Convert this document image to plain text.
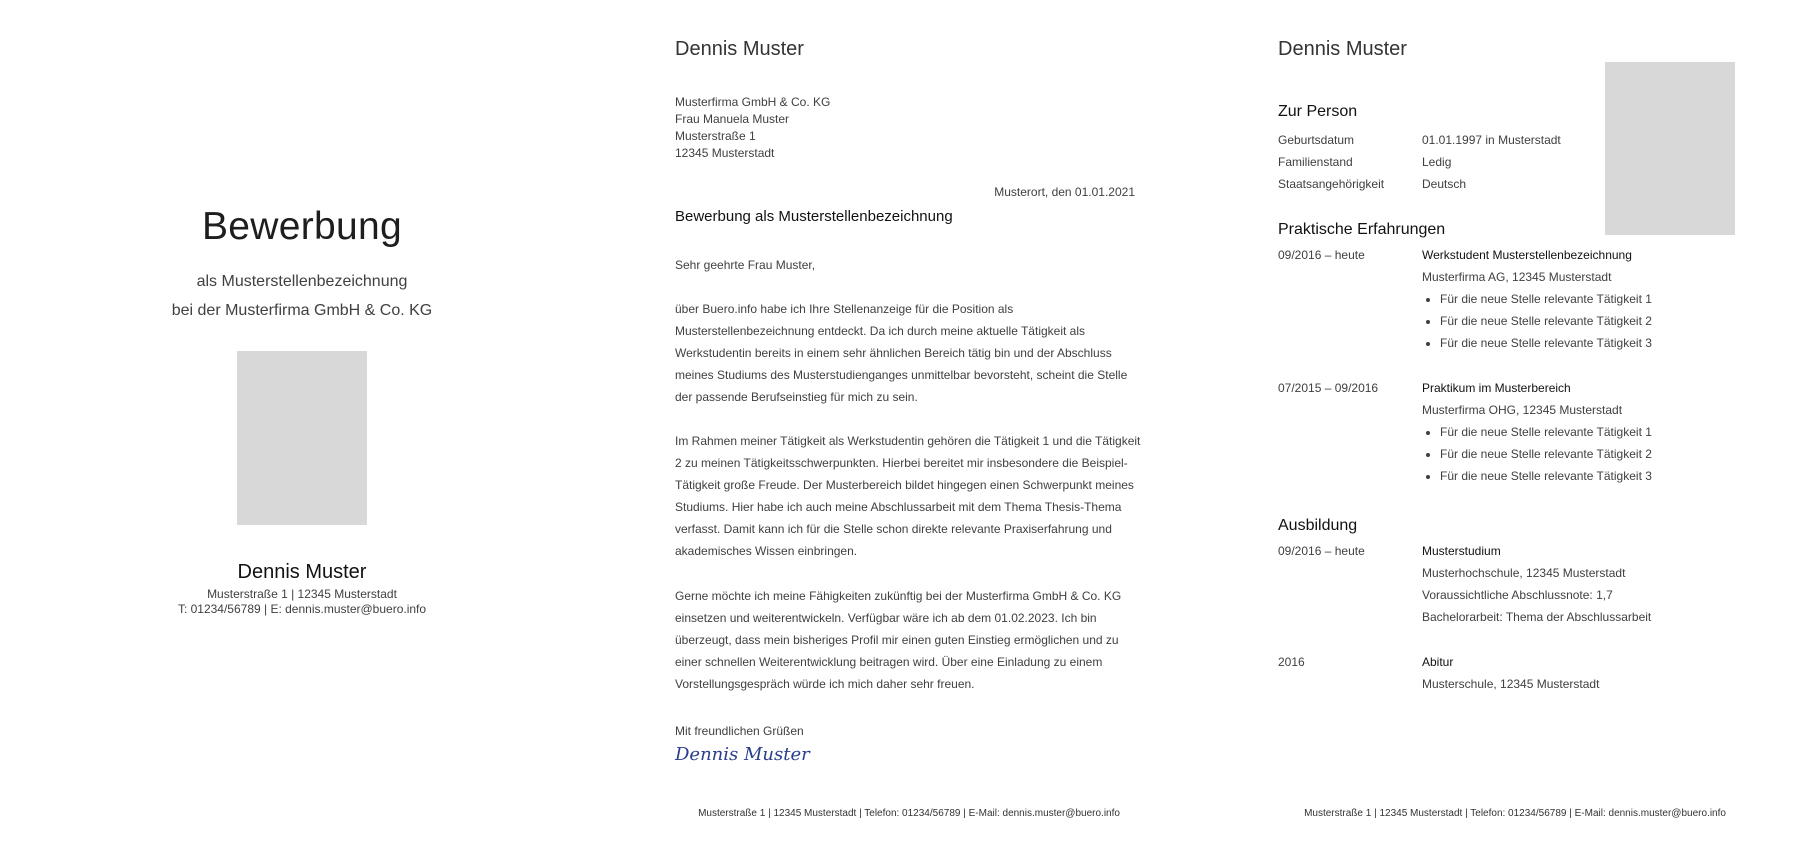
Bewerbung
als Musterstellenbezeichnung
bei der Musterfirma GmbH & Co. KG
Dennis Muster
Musterstraße 1 | 12345 Musterstadt
T: 01234/56789 | E: dennis.muster@buero.info
Dennis Muster
Musterfirma GmbH & Co. KG
Frau Manuela Muster
Musterstraße 1
12345 Musterstadt
Musterort, den 01.01.2021
Bewerbung als Musterstellenbezeichnung
Sehr geehrte Frau Muster,

über Buero.info habe ich Ihre Stellenanzeige für die Position als Musterstellenbezeichnung entdeckt. Da ich durch meine aktuelle Tätigkeit als Werkstudentin bereits in einem sehr ähnlichen Bereich tätig bin und der Abschluss meines Studiums des Musterstudienganges unmittelbar bevorsteht, scheint die Stelle der passende Berufseinstieg für mich zu sein.

Im Rahmen meiner Tätigkeit als Werkstudentin gehören die Tätigkeit 1 und die Tätigkeit 2 zu meinen Tätigkeitsschwerpunkten. Hierbei bereitet mir insbesondere die Beispiel-Tätigkeit große Freude. Der Musterbereich bildet hingegen einen Schwerpunkt meines Studiums. Hier habe ich auch meine Abschlussarbeit mit dem Thema Thesis-Thema verfasst. Damit kann ich für die Stelle schon direkte relevante Praxiserfahrung und akademisches Wissen einbringen.

Gerne möchte ich meine Fähigkeiten zukünftig bei der Musterfirma GmbH & Co. KG einsetzen und weiterentwickeln. Verfügbar wäre ich ab dem 01.02.2023. Ich bin überzeugt, dass mein bisheriges Profil mir einen guten Einstieg ermöglichen und zu einer schnellen Weiterentwicklung beitragen wird. Über eine Einladung zu einem Vorstellungsgespräch würde ich mich daher sehr freuen.

Mit freundlichen Grüßen
Dennis Muster
Musterstraße 1 | 12345 Musterstadt | Telefon: 01234/56789 | E-Mail: dennis.muster@buero.info
Dennis Muster
Zur Person
Geburtsdatum	01.01.1997 in Musterstadt
Familienstand	Ledig
Staatsangehörigkeit	Deutsch
Praktische Erfahrungen
09/2016 – heute	Werkstudent Musterstellenbezeichnung
Musterfirma AG, 12345 Musterstadt
• Für die neue Stelle relevante Tätigkeit 1
• Für die neue Stelle relevante Tätigkeit 2
• Für die neue Stelle relevante Tätigkeit 3
07/2015 – 09/2016	Praktikum im Musterbereich
Musterfirma OHG, 12345 Musterstadt
• Für die neue Stelle relevante Tätigkeit 1
• Für die neue Stelle relevante Tätigkeit 2
• Für die neue Stelle relevante Tätigkeit 3
Ausbildung
09/2016 – heute	Musterstudium
Musterhochschule, 12345 Musterstadt
Voraussichtliche Abschlussnote: 1,7
Bachelorarbeit: Thema der Abschlussarbeit
2016	Abitur
Musterschule, 12345 Musterstadt
Musterstraße 1 | 12345 Musterstadt | Telefon: 01234/56789 | E-Mail: dennis.muster@buero.info
